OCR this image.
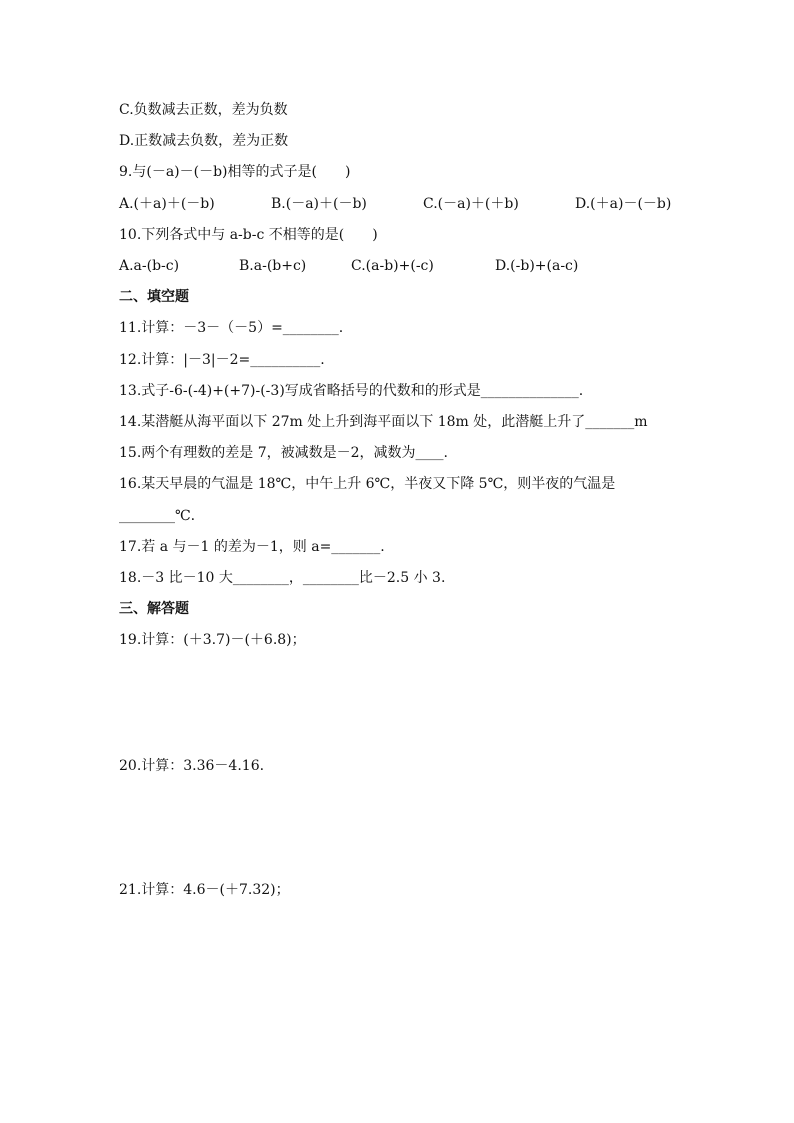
C.负数减去正数，差为负数
D.正数减去负数，差为正数
9.与(－a)－(－b)相等的式子是(　　)
A.(＋a)＋(－b)	B.(－a)＋(－b)	C.(－a)＋(＋b)	D.(＋a)－(－b)
10.下列各式中与 a-b-c 不相等的是(　　)
A.a-(b-c)	B.a-(b+c)	C.(a-b)+(-c)	D.(-b)+(a-c)
二、填空题
11.计算：－3－（－5）=________.
12.计算：|－3|－2=__________.
13.式子-6-(-4)+(+7)-(-3)写成省略括号的代数和的形式是______________.
14.某潜艇从海平面以下 27m 处上升到海平面以下 18m 处，此潜艇上升了_______m
15.两个有理数的差是 7，被减数是－2，减数为____.
16.某天早晨的气温是 18℃，中午上升 6℃，半夜又下降 5℃，则半夜的气温是
________℃.
17.若 a 与－1 的差为－1，则 a=_______.
18.－3 比－10 大________，________比－2.5 小 3.
三、解答题
19.计算：(＋3.7)－(＋6.8)；
20.计算：3.36－4.16.
21.计算：4.6－(＋7.32)；
